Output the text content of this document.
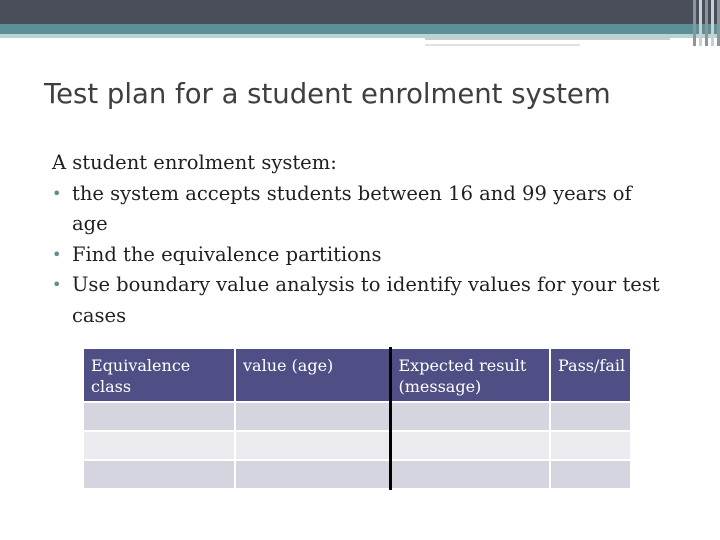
Test plan for a student enrolment system

A student enrolment system:

• the system accepts students between 16 and 99 years of age
• Find the equivalence partitions
• Use boundary value analysis to identify values for your test cases
Equivalence class	value (age)	Expected result (message)	Pass/fail
